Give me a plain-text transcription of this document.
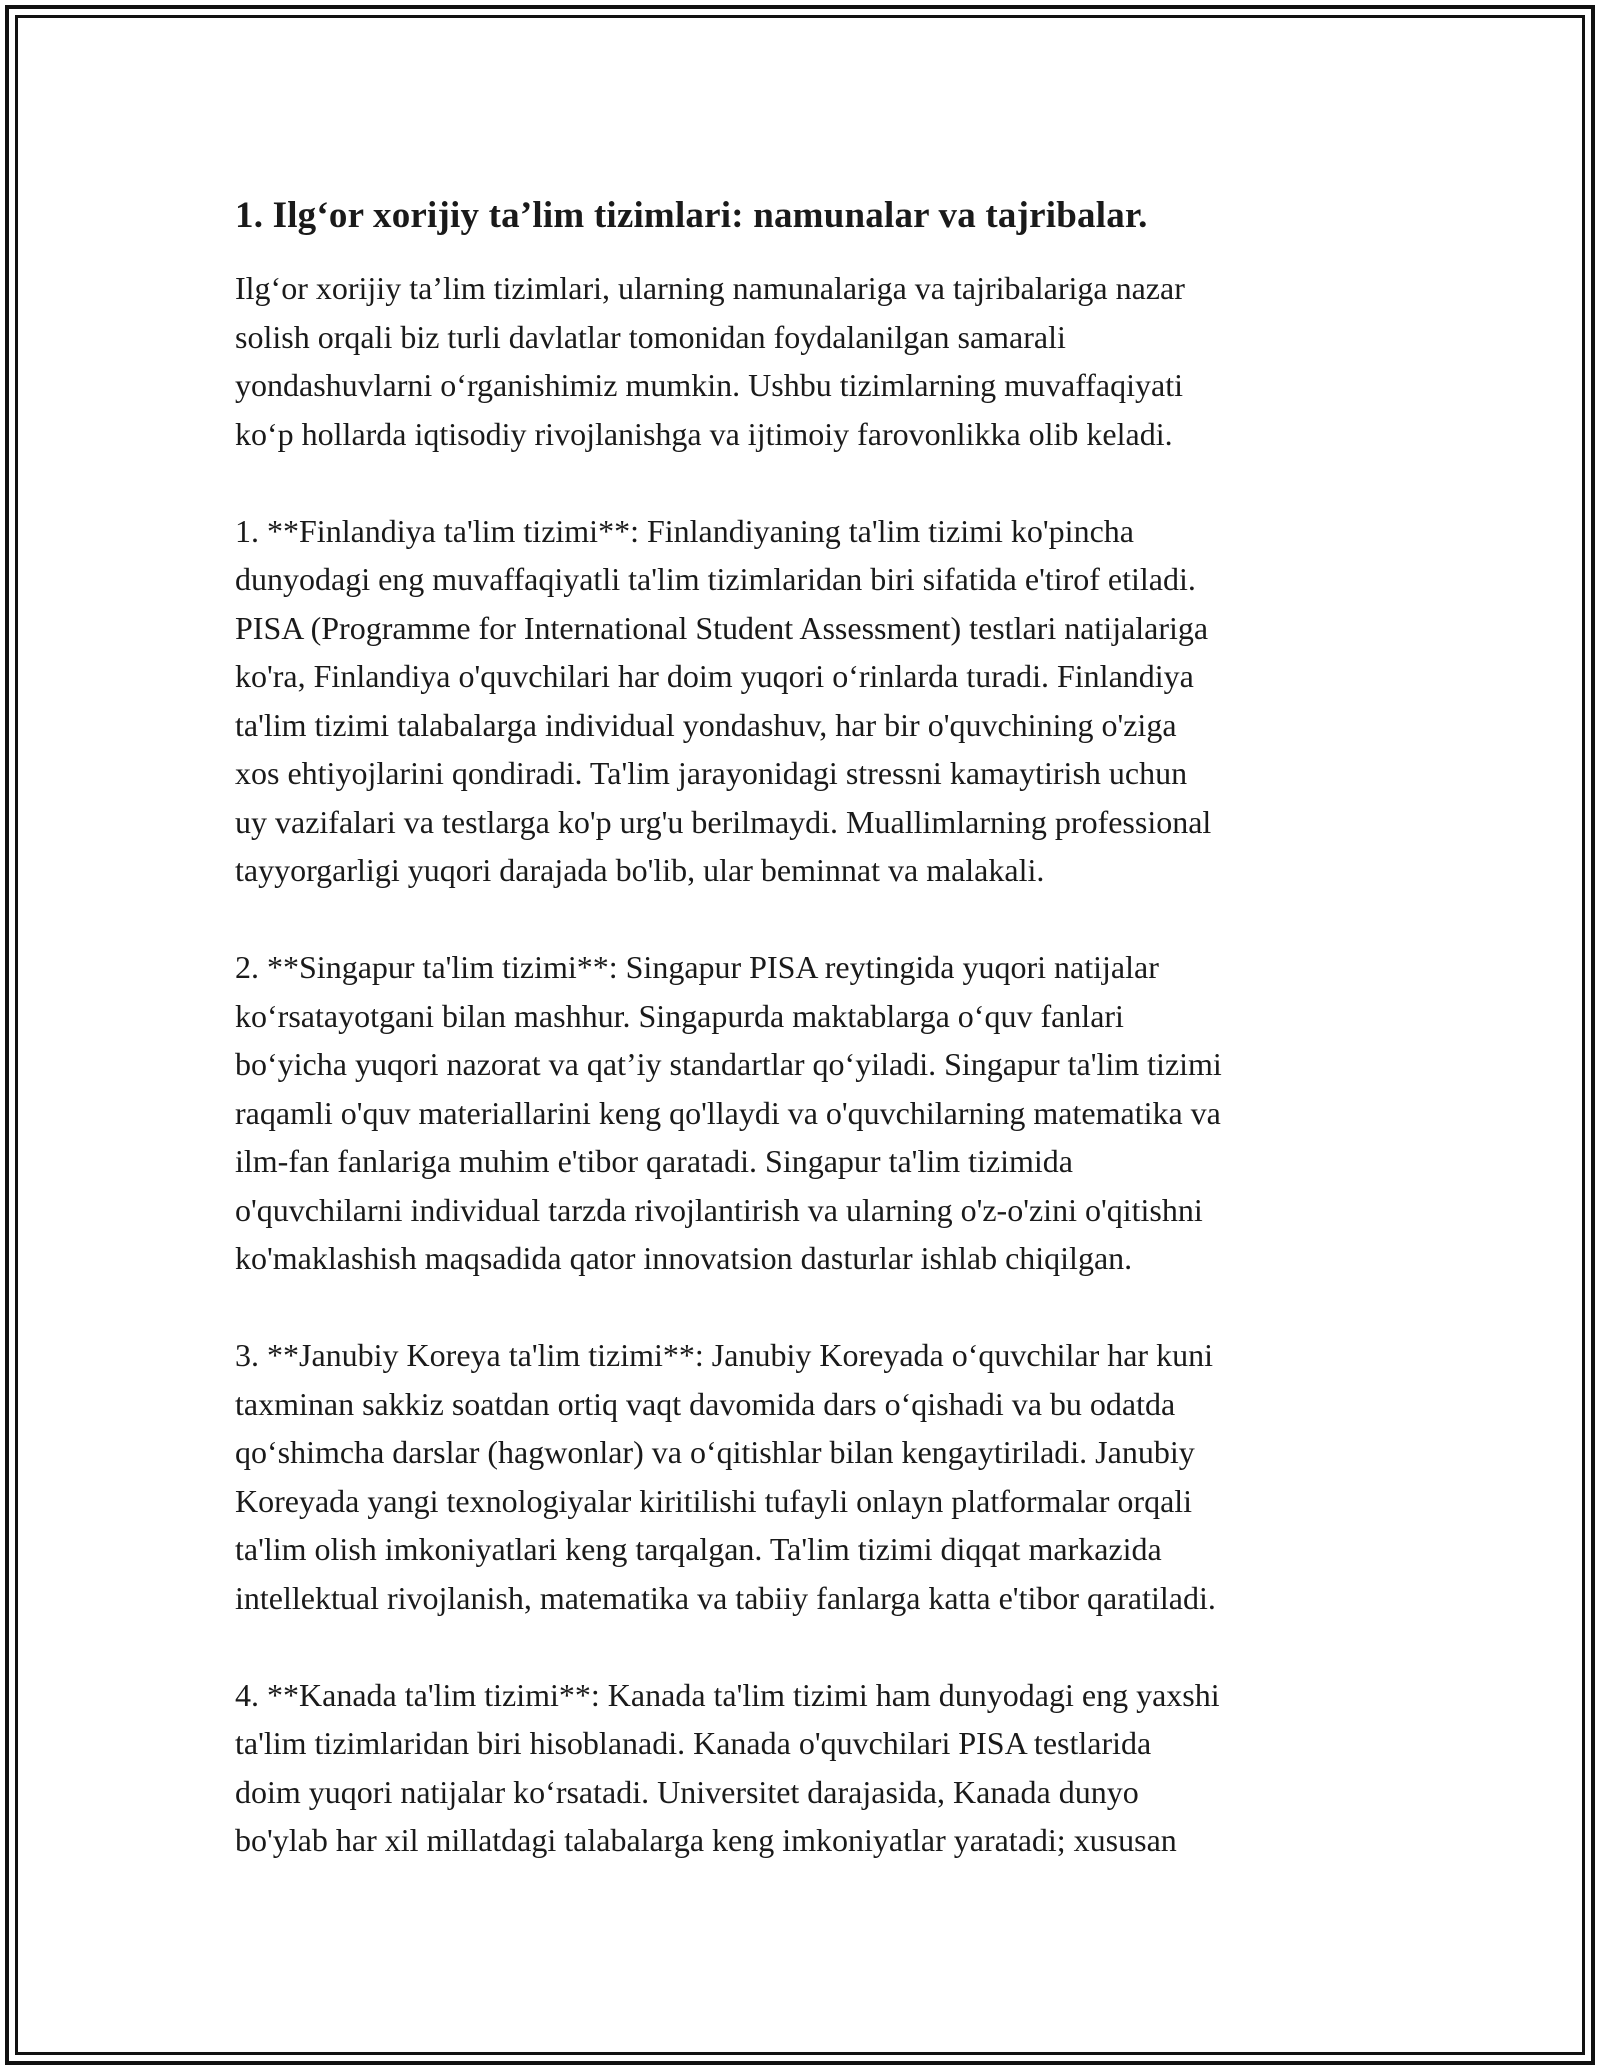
1. Ilg‘or xorijiy ta’lim tizimlari: namunalar va tajribalar.
Ilg‘or xorijiy ta’lim tizimlari, ularning namunalariga va tajribalariga nazar
solish orqali biz turli davlatlar tomonidan foydalanilgan samarali
yondashuvlarni o‘rganishimiz mumkin. Ushbu tizimlarning muvaffaqiyati
ko‘p hollarda iqtisodiy rivojlanishga va ijtimoiy farovonlikka olib keladi.
1. **Finlandiya ta'lim tizimi**: Finlandiyaning ta'lim tizimi ko'pincha
dunyodagi eng muvaffaqiyatli ta'lim tizimlaridan biri sifatida e'tirof etiladi.
PISA (Programme for International Student Assessment) testlari natijalariga
ko'ra, Finlandiya o'quvchilari har doim yuqori o‘rinlarda turadi. Finlandiya
ta'lim tizimi talabalarga individual yondashuv, har bir o'quvchining o'ziga
xos ehtiyojlarini qondiradi. Ta'lim jarayonidagi stressni kamaytirish uchun
uy vazifalari va testlarga ko'p urg'u berilmaydi. Muallimlarning professional
tayyorgarligi yuqori darajada bo'lib, ular beminnat va malakali.
2. **Singapur ta'lim tizimi**: Singapur PISA reytingida yuqori natijalar
ko‘rsatayotgani bilan mashhur. Singapurda maktablarga o‘quv fanlari
bo‘yicha yuqori nazorat va qat’iy standartlar qo‘yiladi. Singapur ta'lim tizimi
raqamli o'quv materiallarini keng qo'llaydi va o'quvchilarning matematika va
ilm-fan fanlariga muhim e'tibor qaratadi. Singapur ta'lim tizimida
o'quvchilarni individual tarzda rivojlantirish va ularning o'z-o'zini o'qitishni
ko'maklashish maqsadida qator innovatsion dasturlar ishlab chiqilgan.
3. **Janubiy Koreya ta'lim tizimi**: Janubiy Koreyada o‘quvchilar har kuni
taxminan sakkiz soatdan ortiq vaqt davomida dars o‘qishadi va bu odatda
qo‘shimcha darslar (hagwonlar) va o‘qitishlar bilan kengaytiriladi. Janubiy
Koreyada yangi texnologiyalar kiritilishi tufayli onlayn platformalar orqali
ta'lim olish imkoniyatlari keng tarqalgan. Ta'lim tizimi diqqat markazida
intellektual rivojlanish, matematika va tabiiy fanlarga katta e'tibor qaratiladi.
4. **Kanada ta'lim tizimi**: Kanada ta'lim tizimi ham dunyodagi eng yaxshi
ta'lim tizimlaridan biri hisoblanadi. Kanada o'quvchilari PISA testlarida
doim yuqori natijalar ko‘rsatadi. Universitet darajasida, Kanada dunyo
bo'ylab har xil millatdagi talabalarga keng imkoniyatlar yaratadi; xususan
